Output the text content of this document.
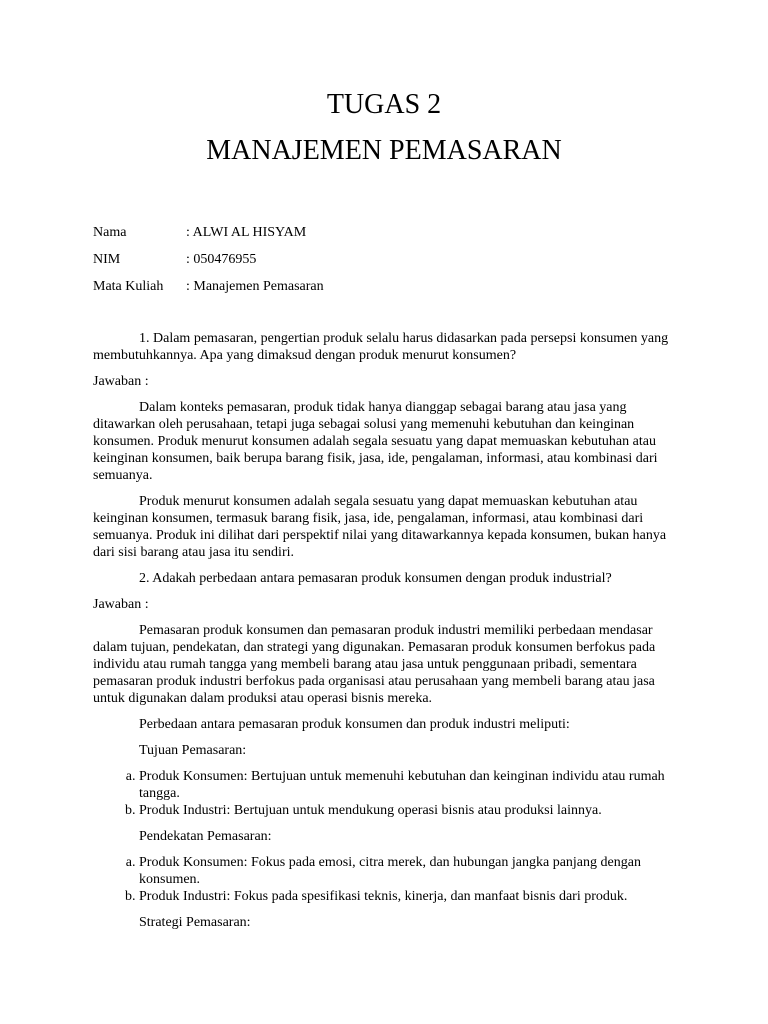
TUGAS 2
MANAJEMEN PEMASARAN
Nama	: ALWI AL HISYAM
NIM	: 050476955
Mata Kuliah : Manajemen Pemasaran

1. Dalam pemasaran, pengertian produk selalu harus didasarkan pada persepsi konsumen yang membutuhkannya. Apa yang dimaksud dengan produk menurut konsumen?

Jawaban :

Dalam konteks pemasaran, produk tidak hanya dianggap sebagai barang atau jasa yang ditawarkan oleh perusahaan, tetapi juga sebagai solusi yang memenuhi kebutuhan dan keinginan konsumen. Produk menurut konsumen adalah segala sesuatu yang dapat memuaskan kebutuhan atau keinginan konsumen, baik berupa barang fisik, jasa, ide, pengalaman, informasi, atau kombinasi dari semuanya.

Produk menurut konsumen adalah segala sesuatu yang dapat memuaskan kebutuhan atau keinginan konsumen, termasuk barang fisik, jasa, ide, pengalaman, informasi, atau kombinasi dari semuanya. Produk ini dilihat dari perspektif nilai yang ditawarkannya kepada konsumen, bukan hanya dari sisi barang atau jasa itu sendiri.

2. Adakah perbedaan antara pemasaran produk konsumen dengan produk industrial?

Jawaban :

Pemasaran produk konsumen dan pemasaran produk industri memiliki perbedaan mendasar dalam tujuan, pendekatan, dan strategi yang digunakan. Pemasaran produk konsumen berfokus pada individu atau rumah tangga yang membeli barang atau jasa untuk penggunaan pribadi, sementara pemasaran produk industri berfokus pada organisasi atau perusahaan yang membeli barang atau jasa untuk digunakan dalam produksi atau operasi bisnis mereka.

Perbedaan antara pemasaran produk konsumen dan produk industri meliputi:

Tujuan Pemasaran:

a. Produk Konsumen: Bertujuan untuk memenuhi kebutuhan dan keinginan individu atau rumah tangga.
b. Produk Industri: Bertujuan untuk mendukung operasi bisnis atau produksi lainnya.

Pendekatan Pemasaran:

a. Produk Konsumen: Fokus pada emosi, citra merek, dan hubungan jangka panjang dengan konsumen.
b. Produk Industri: Fokus pada spesifikasi teknis, kinerja, dan manfaat bisnis dari produk.

Strategi Pemasaran:
